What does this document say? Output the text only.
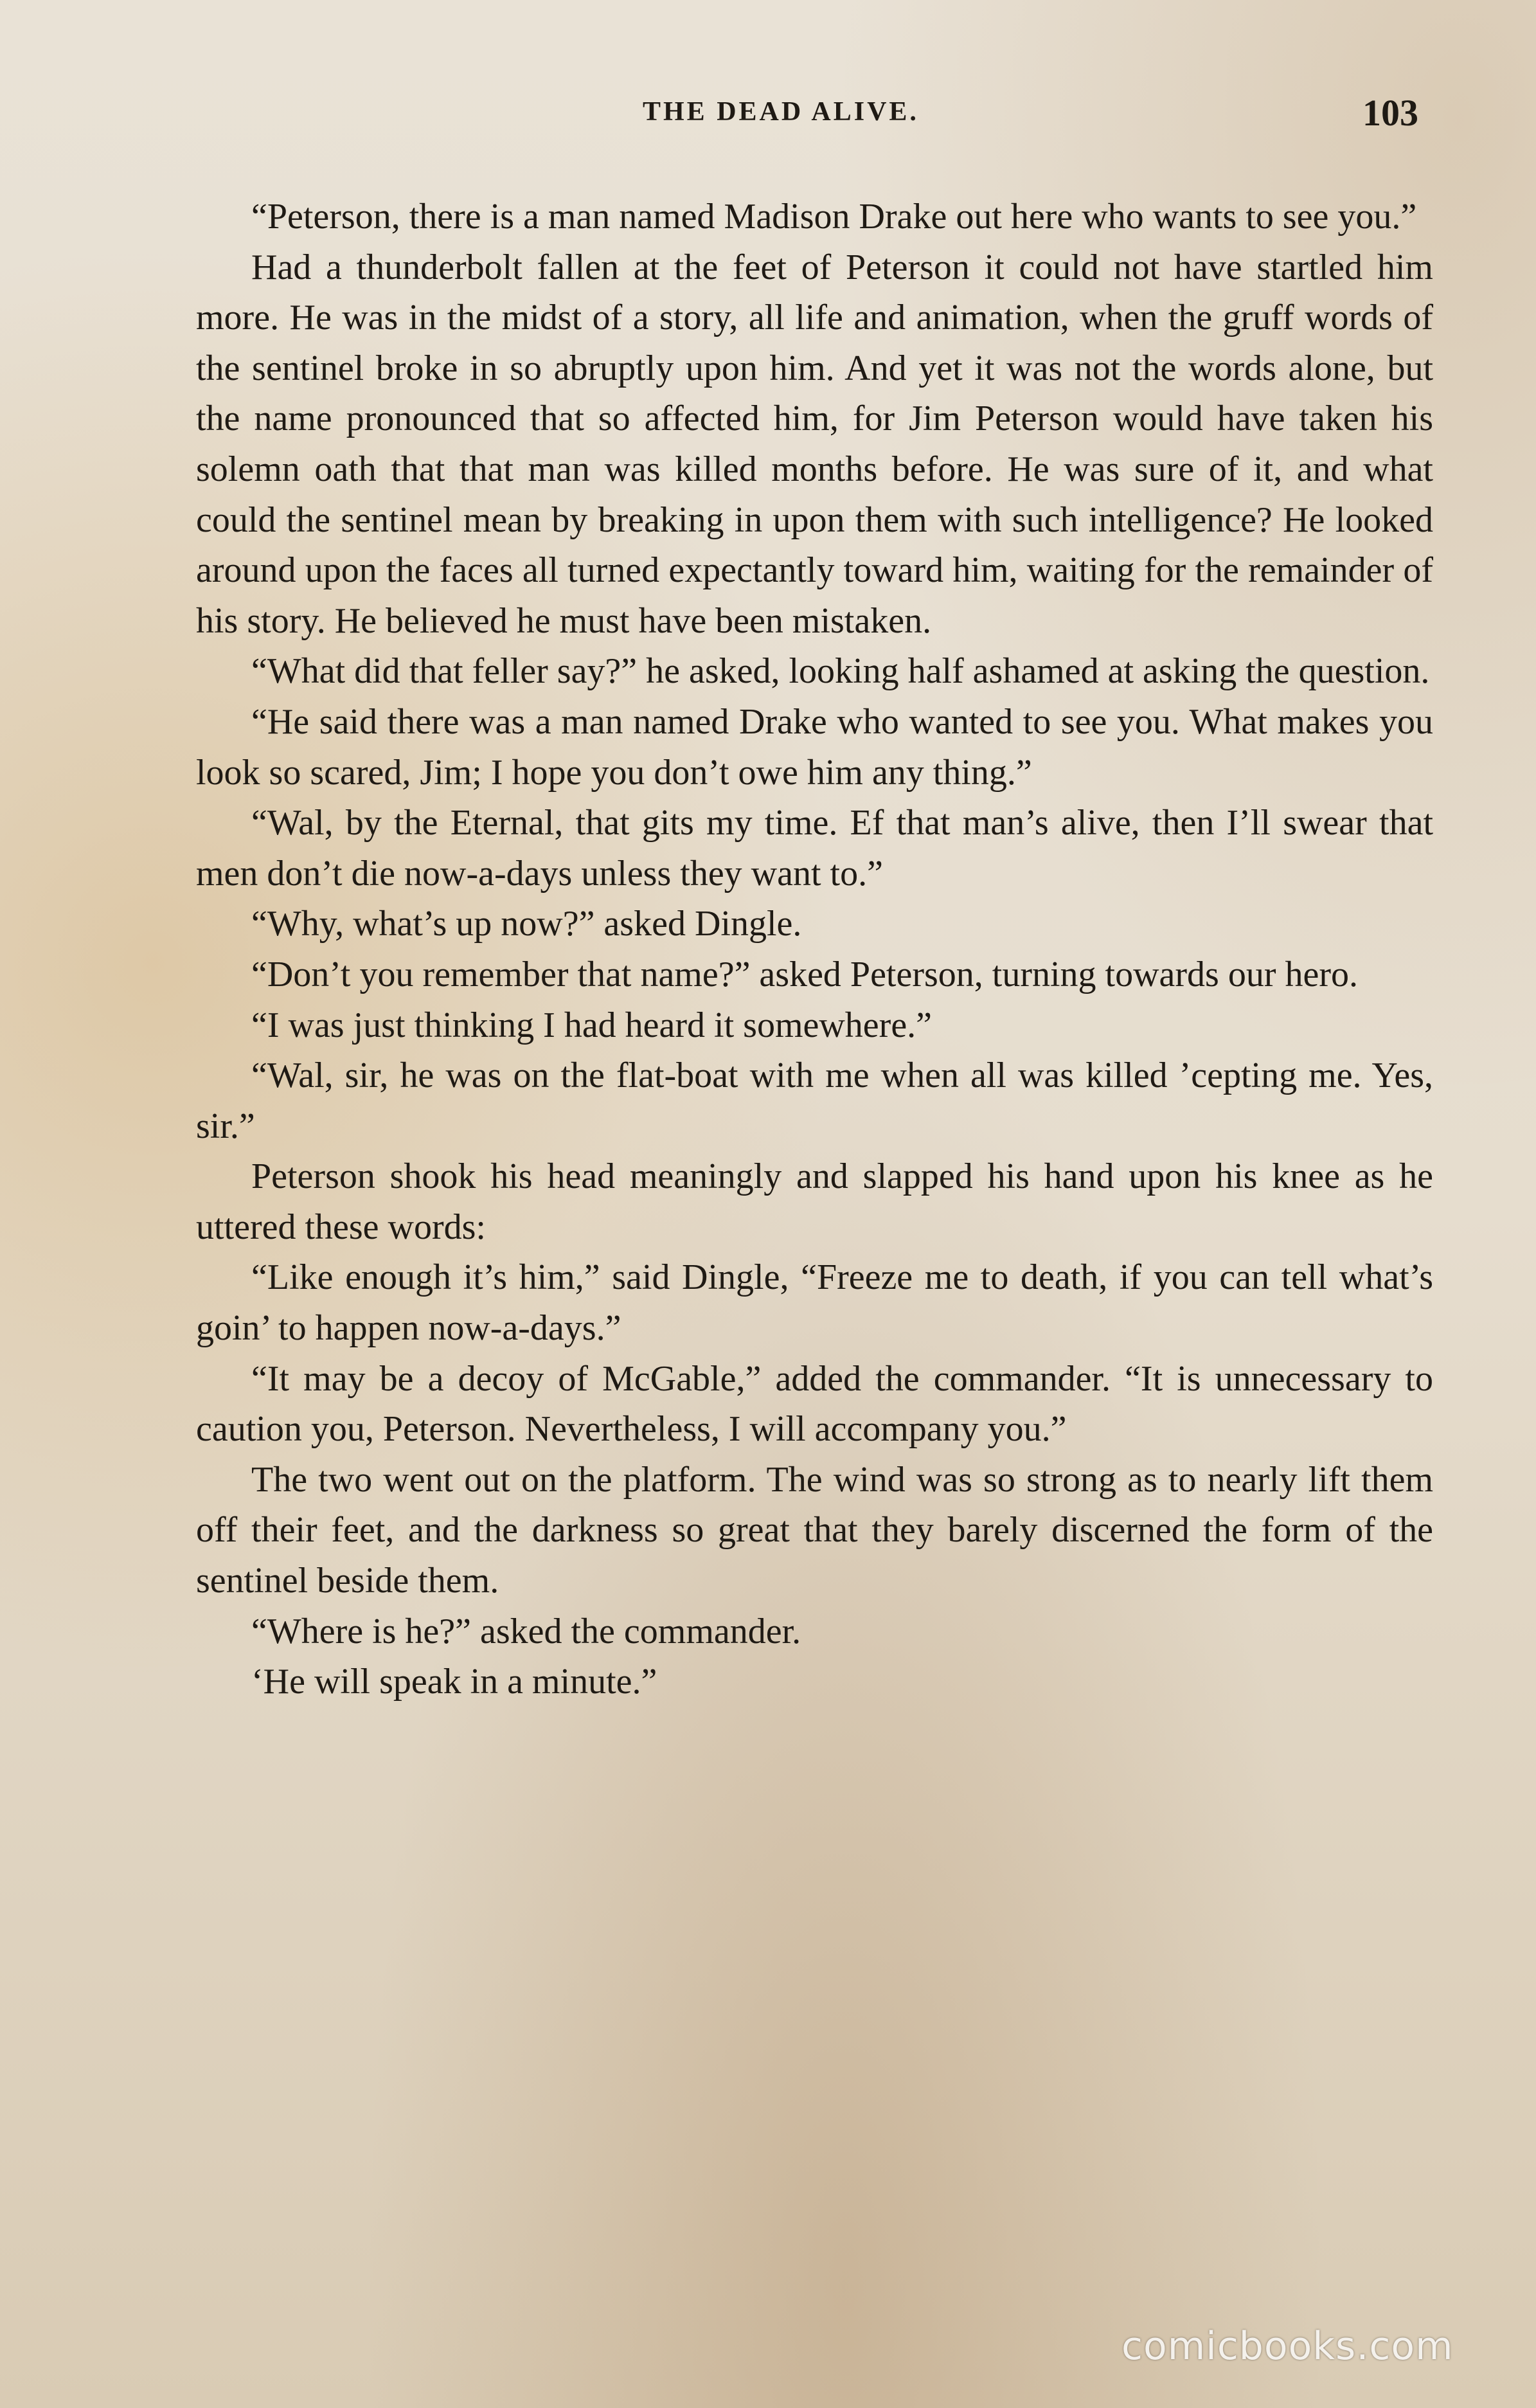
THE DEAD ALIVE.	103

“Peterson, there is a man named Madison Drake out here who wants to see you.”

Had a thunderbolt fallen at the feet of Peterson it could not have startled him more. He was in the midst of a story, all life and animation, when the gruff words of the sentinel broke in so abruptly upon him. And yet it was not the words alone, but the name pronounced that so affected him, for Jim Peterson would have taken his solemn oath that that man was killed months before. He was sure of it, and what could the sentinel mean by breaking in upon them with such intelligence? He looked around upon the faces all turned expectantly toward him, waiting for the remainder of his story. He believed he must have been mistaken.

“What did that feller say?” he asked, looking half ashamed at asking the question.

“He said there was a man named Drake who wanted to see you. What makes you look so scared, Jim; I hope you don’t owe him any thing.”

“Wal, by the Eternal, that gits my time. Ef that man’s alive, then I’ll swear that men don’t die now-a-days unless they want to.”

“Why, what’s up now?” asked Dingle.

“Don’t you remember that name?” asked Peterson, turning towards our hero.

“I was just thinking I had heard it somewhere.”

“Wal, sir, he was on the flat-boat with me when all was killed ’cepting me. Yes, sir.”

Peterson shook his head meaningly and slapped his hand upon his knee as he uttered these words:

“Like enough it’s him,” said Dingle, “Freeze me to death, if you can tell what’s goin’ to happen now-a-days.”

“It may be a decoy of McGable,” added the commander. “It is unnecessary to caution you, Peterson. Nevertheless, I will accompany you.”

The two went out on the platform. The wind was so strong as to nearly lift them off their feet, and the darkness so great that they barely discerned the form of the sentinel beside them.

“Where is he?” asked the commander.

‘He will speak in a minute.”

comicbooks.com
